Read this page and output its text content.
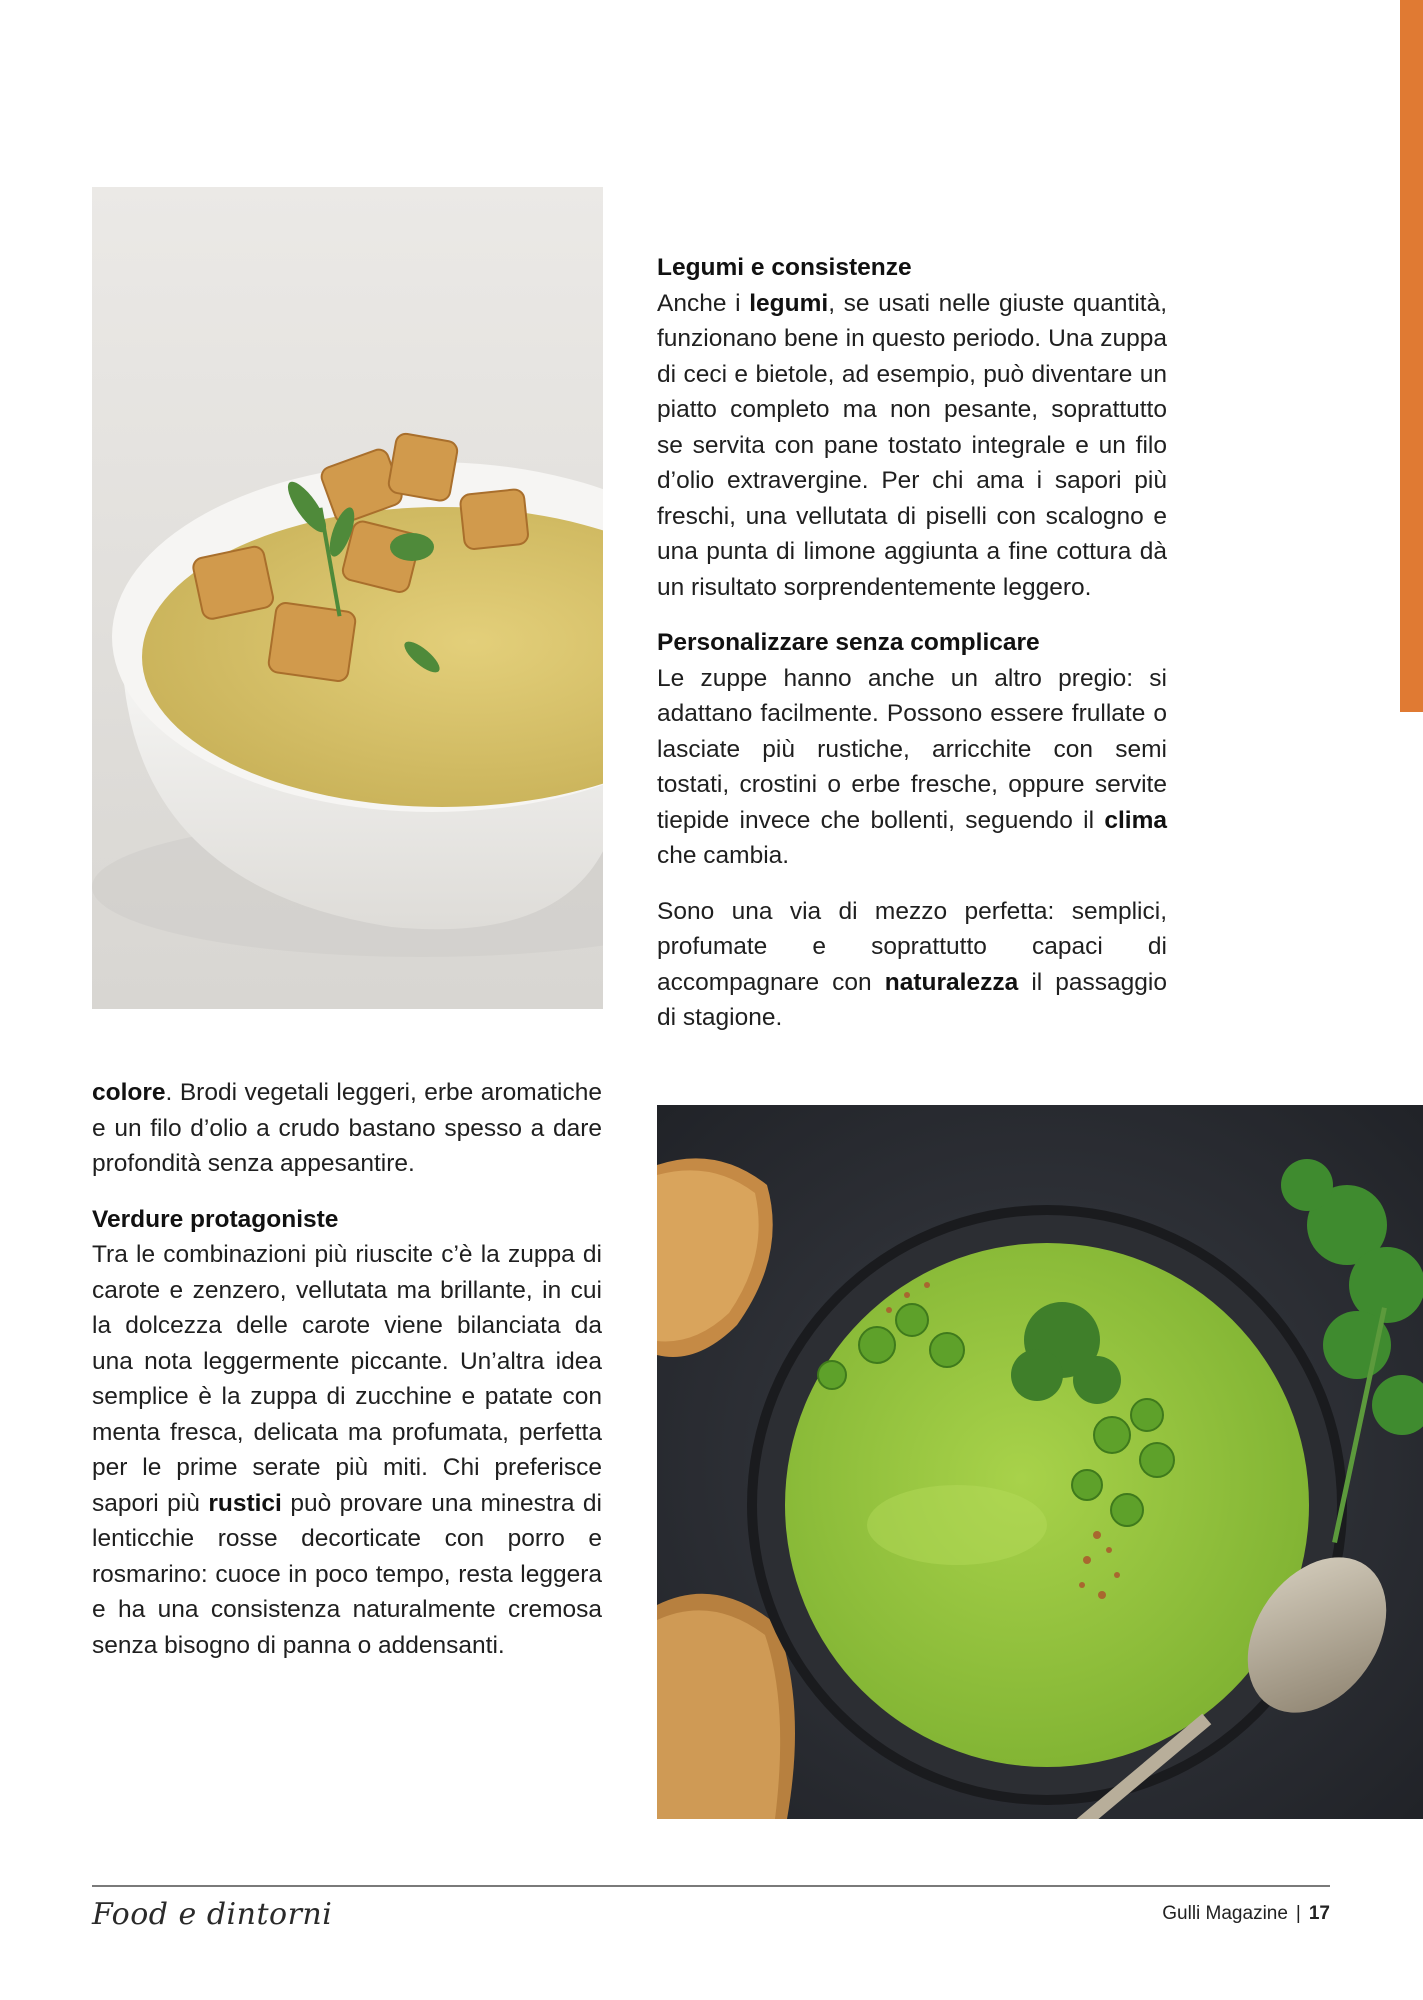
Legumi e consistenze

Anche i legumi, se usati nelle giuste quantità, funzionano bene in questo periodo. Una zuppa di ceci e bietole, ad esempio, può diventare un piatto completo ma non pesante, soprattutto se servita con pane tostato integrale e un filo d’olio extravergine. Per chi ama i sapori più freschi, una vellutata di piselli con scalogno e una punta di limone aggiunta a fine cottura dà un risultato sorprendentemente leggero.

Personalizzare senza complicare

Le zuppe hanno anche un altro pregio: si adattano facilmente. Possono essere frullate o lasciate più rustiche, arricchite con semi tostati, crostini o erbe fresche, oppure servite tiepide invece che bollenti, seguendo il clima che cambia.

Sono una via di mezzo perfetta: semplici, profumate e soprattutto capaci di accompagnare con naturalezza il passaggio di stagione.

colore. Brodi vegetali leggeri, erbe aromatiche e un filo d’olio a crudo bastano spesso a dare profondità senza appesantire.

Verdure protagoniste

Tra le combinazioni più riuscite c’è la zuppa di carote e zenzero, vellutata ma brillante, in cui la dolcezza delle carote viene bilanciata da una nota leggermente piccante. Un’altra idea semplice è la zuppa di zucchine e patate con menta fresca, delicata ma profumata, perfetta per le prime serate più miti. Chi preferisce sapori più rustici può provare una minestra di lenticchie rosse decorticate con porro e rosmarino: cuoce in poco tempo, resta leggera e ha una consistenza naturalmente cremosa senza bisogno di panna o addensanti.

Food e dintorni	Gulli Magazine | 17
